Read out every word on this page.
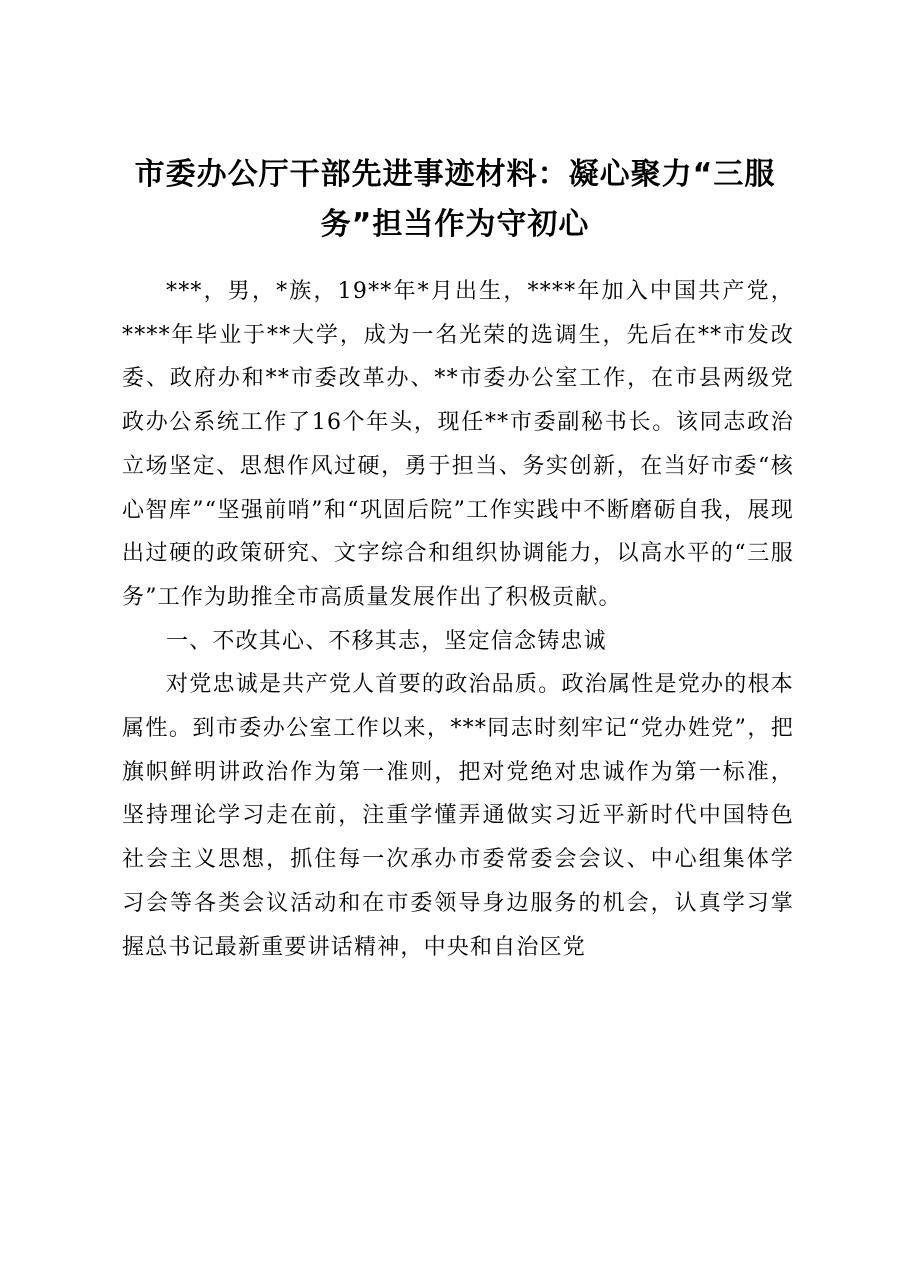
市委办公厅干部先进事迹材料：凝心聚力“三服务”担当作为守初心

***，男，*族，19**年*月出生，****年加入中国共产党，****年毕业于**大学，成为一名光荣的选调生，先后在**市发改委、政府办和**市委改革办、**市委办公室工作，在市县两级党政办公系统工作了16个年头，现任**市委副秘书长。该同志政治立场坚定、思想作风过硬，勇于担当、务实创新，在当好市委“核心智库”“坚强前哨”和“巩固后院”工作实践中不断磨砺自我，展现出过硬的政策研究、文字综合和组织协调能力，以高水平的“三服务”工作为助推全市高质量发展作出了积极贡献。

一、不改其心、不移其志，坚定信念铸忠诚

对党忠诚是共产党人首要的政治品质。政治属性是党办的根本属性。到市委办公室工作以来，***同志时刻牢记“党办姓党”，把旗帜鲜明讲政治作为第一准则，把对党绝对忠诚作为第一标准，坚持理论学习走在前，注重学懂弄通做实习近平新时代中国特色社会主义思想，抓住每一次承办市委常委会会议、中心组集体学习会等各类会议活动和在市委领导身边服务的机会，认真学习掌握总书记最新重要讲话精神，中央和自治区党
